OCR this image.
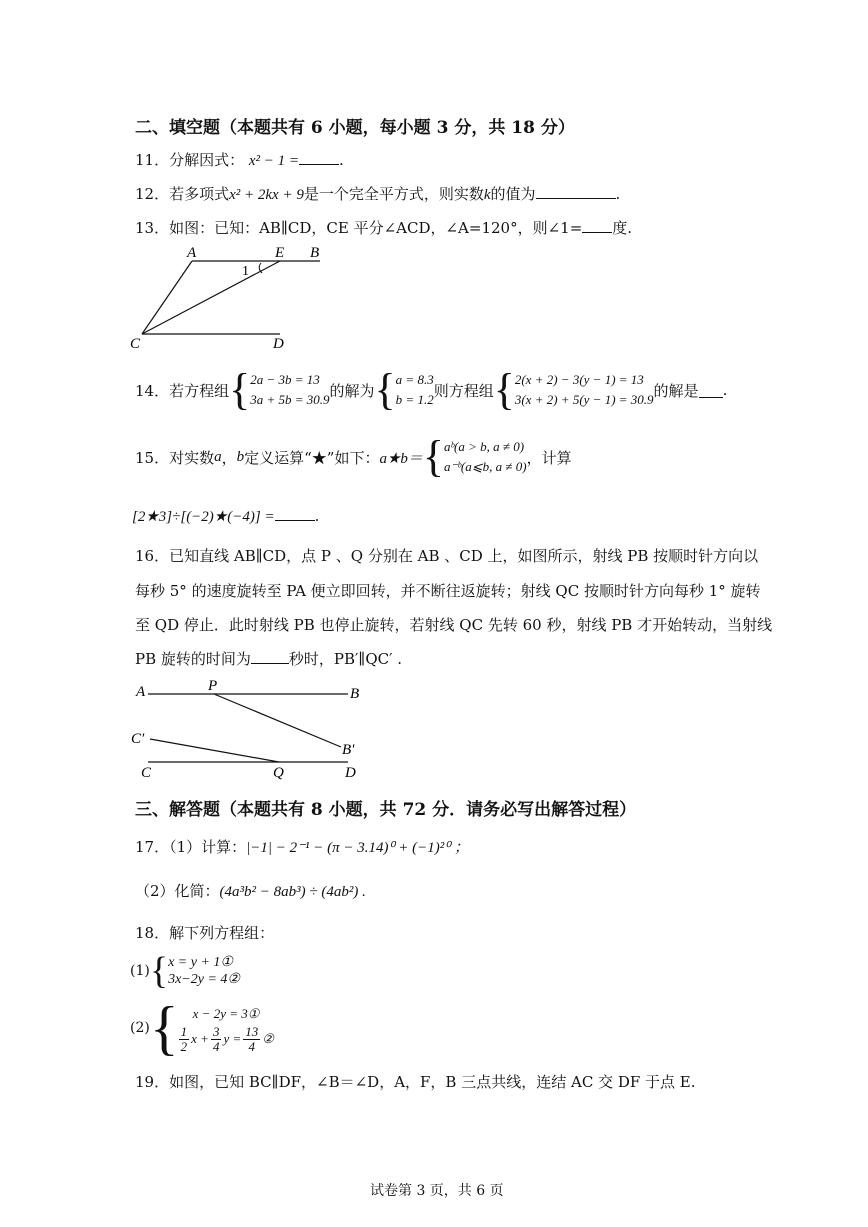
二、填空题（本题共有 6 小题，每小题 3 分，共 18 分）
11．分解因式： x² − 1 =	.
12．若多项式x² + 2kx + 9是一个完全平方式，则实数k的值为	.
13．如图：已知：AB∥CD，CE 平分∠ACD，∠A=120°，则∠1= 度.
A	E B
1
C	D
14． 若方程组 { 2a − 3b = 13
3a + 5b = 30.9 的解为 { a = 8.3
b = 1.2 则方程组 { 2(x + 2) − 3(y − 1) = 13
3(x + 2) + 5(y − 1) = 30.9 的解是 .
15． 对实数 a ， b 定义运算“★”如下： a★b＝ { aᵇ(a > b, a ≠ 0)
a⁻ᵇ(a⩽b, a ≠ 0) ，计算
[2★3]÷[(−2)★(−4)] =	.
16．已知直线 AB∥CD，点 P 、Q 分别在 AB 、CD 上，如图所示，射线 PB 按顺时针方向以
每秒 5° 的速度旋转至 PA 便立即回转，并不断往返旋转；射线 QC 按顺时针方向每秒 1° 旋转
至 QD 停止．此时射线 PB 也停止旋转，若射线 QC 先转 60 秒，射线 PB 才开始转动，当射线
PB 旋转的时间为	秒时，PB′∥QC′ .
A	P	B
C′
B′
C	Q	D
三、解答题（本题共有 8 小题，共 72 分．请务必写出解答过程）
17．（1）计算：|−1| − 2⁻¹ − (π − 3.14)⁰ + (−1)²⁰ ；
（2）化简：(4a³b² − 8ab³) ÷ (4ab²) .
18．解下列方程组：
(1) { x = y + 1①
3x−2y = 4②
(2) {	x − 2y = 3①
$\frac{1}{2}$ $x + \frac{3}{4}$ $y = \frac{13}{4}$ ②
19．如图，已知 BC∥DF，∠B＝∠D，A，F，B 三点共线，连结 AC 交 DF 于点 E.
试卷第 3 页，共 6 页
